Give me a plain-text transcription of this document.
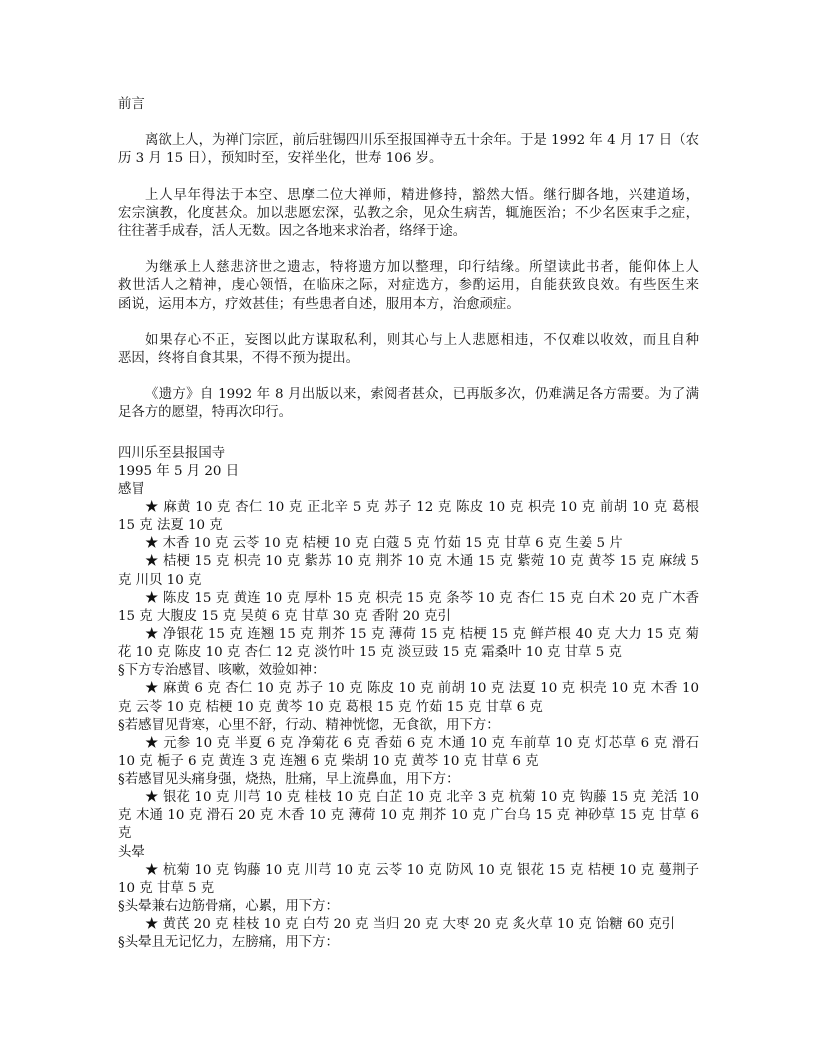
前言
离欲上人，为禅门宗匠，前后驻锡四川乐至报国禅寺五十余年。于是 1992 年 4 月 17 日（农
历 3 月 15 日），预知时至，安祥坐化，世寿 106 岁。
上人早年得法于本空、思摩二位大禅师，精进修持，豁然大悟。继行脚各地，兴建道场，
宏宗演教，化度甚众。加以悲愿宏深，弘教之余，见众生病苦，辄施医治；不少名医束手之症，
往往著手成春，活人无数。因之各地来求治者，络绎于途。
为继承上人慈悲济世之遗志，特将遗方加以整理，印行结缘。所望读此书者，能仰体上人
救世活人之精神，虔心领悟，在临床之际，对症选方，参酌运用，自能获致良效。有些医生来
函说，运用本方，疗效甚佳；有些患者自述，服用本方，治愈顽症。
如果存心不正，妄图以此方谋取私利，则其心与上人悲愿相违，不仅难以收效，而且自种
恶因，终将自食其果，不得不预为提出。
《遗方》自 1992 年 8 月出版以来，索阅者甚众，已再版多次，仍难满足各方需要。为了满
足各方的愿望，特再次印行。
四川乐至县报国寺
1995 年 5 月 20 日
感冒
★ 麻黄 10 克 杏仁 10 克 正北辛 5 克 苏子 12 克 陈皮 10 克 枳壳 10 克 前胡 10 克 葛根
15 克 法夏 10 克
★ 木香 10 克 云苓 10 克 桔梗 10 克 白蔻 5 克 竹茹 15 克 甘草 6 克 生姜 5 片
★ 桔梗 15 克 枳壳 10 克 紫苏 10 克 荆芥 10 克 木通 15 克 紫菀 10 克 黄芩 15 克 麻绒 5
克 川贝 10 克
★ 陈皮 15 克 黄连 10 克 厚朴 15 克 枳壳 15 克 条芩 10 克 杏仁 15 克 白术 20 克 广木香
15 克 大腹皮 15 克 吴萸 6 克 甘草 30 克 香附 20 克引
★ 净银花 15 克 连翘 15 克 荆芥 15 克 薄荷 15 克 桔梗 15 克 鲜芦根 40 克 大力 15 克 菊
花 10 克 陈皮 10 克 杏仁 12 克 淡竹叶 15 克 淡豆豉 15 克 霜桑叶 10 克 甘草 5 克
§下方专治感冒、咳嗽，效验如神：
★ 麻黄 6 克 杏仁 10 克 苏子 10 克 陈皮 10 克 前胡 10 克 法夏 10 克 枳壳 10 克 木香 10
克 云苓 10 克 桔梗 10 克 黄芩 10 克 葛根 15 克 竹茹 15 克 甘草 6 克
§若感冒见背寒，心里不舒，行动、精神恍惚，无食欲，用下方：
★ 元参 10 克 半夏 6 克 净菊花 6 克 香茹 6 克 木通 10 克 车前草 10 克 灯芯草 6 克 滑石
10 克 栀子 6 克 黄连 3 克 连翘 6 克 柴胡 10 克 黄芩 10 克 甘草 6 克
§若感冒见头痛身强，烧热，肚痛，早上流鼻血，用下方：
★ 银花 10 克 川芎 10 克 桂枝 10 克 白芷 10 克 北辛 3 克 杭菊 10 克 钩藤 15 克 羌活 10
克 木通 10 克 滑石 20 克 木香 10 克 薄荷 10 克 荆芥 10 克 广台乌 15 克 神砂草 15 克 甘草 6
克
头晕
★ 杭菊 10 克 钩藤 10 克 川芎 10 克 云苓 10 克 防风 10 克 银花 15 克 桔梗 10 克 蔓荆子
10 克 甘草 5 克
§头晕兼右边筋骨痛，心累，用下方：
★ 黄芪 20 克 桂枝 10 克 白芍 20 克 当归 20 克 大枣 20 克 炙火草 10 克 饴糖 60 克引
§头晕且无记忆力，左膀痛，用下方：
